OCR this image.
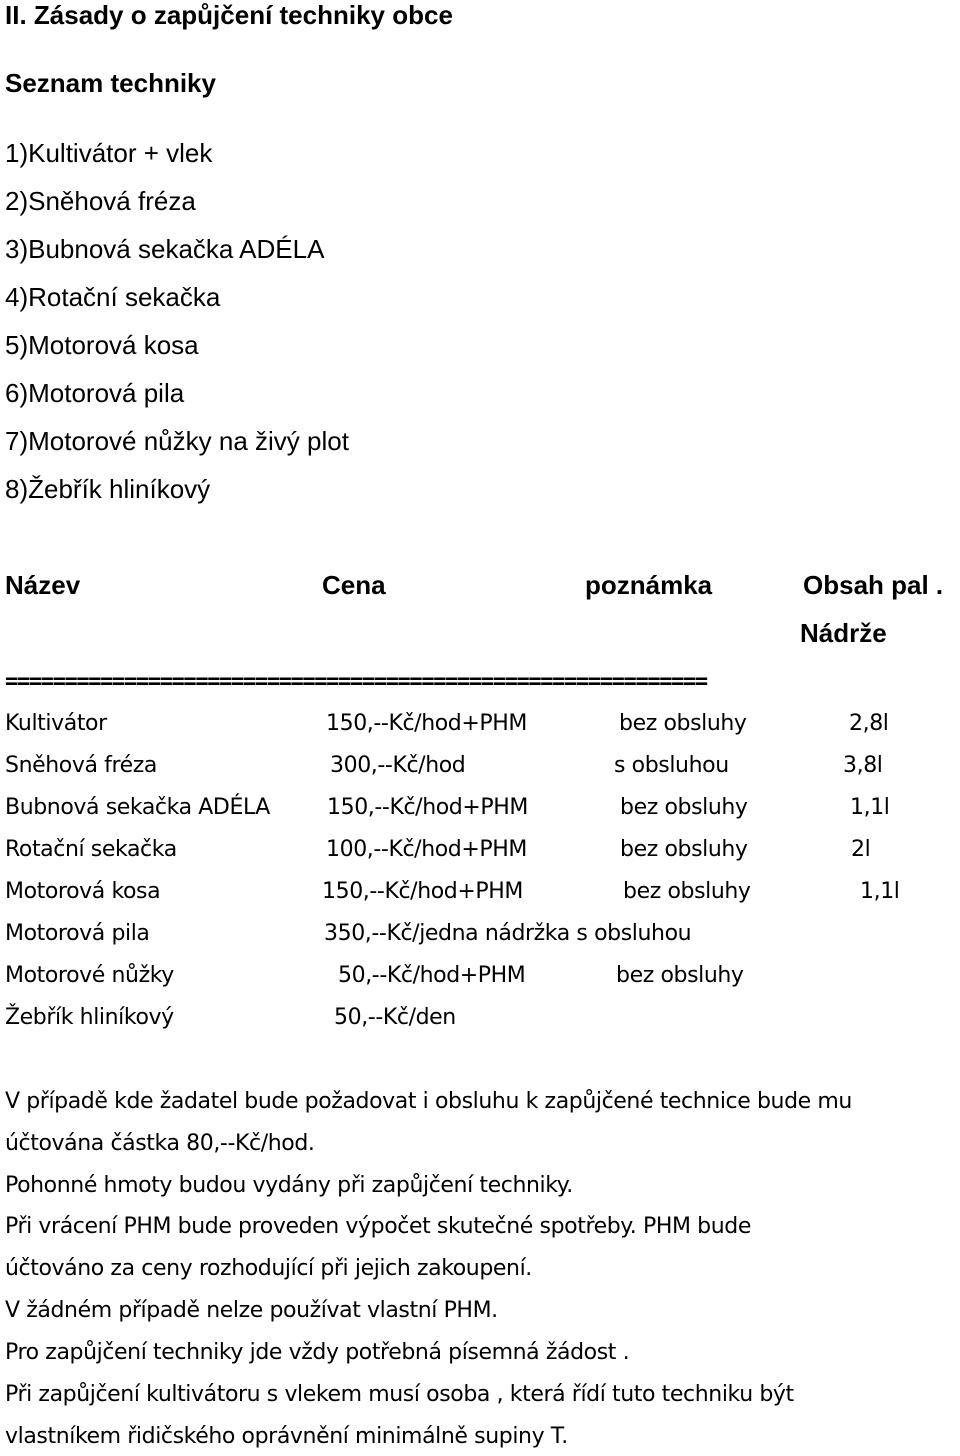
II. Zásady o zapůjčení techniky obce
Seznam techniky
1)Kultivátor + vlek
2)Sněhová fréza
3)Bubnová sekačka ADÉLA
4)Rotační sekačka
5)Motorová kosa
6)Motorová pila
7)Motorové nůžky na živý plot
8)Žebřík hliníkový
Název	Cena	poznámka	Obsah pal .
Nádrže
===========================================================
Kultivátor	150,--Kč/hod+PHM	bez obsluhy	2,8l
Sněhová fréza	300,--Kč/hod	s obsluhou	3,8l
Bubnová sekačka ADÉLA	150,--Kč/hod+PHM	bez obsluhy	1,1l
Rotační sekačka	100,--Kč/hod+PHM	bez obsluhy	2l
Motorová kosa	150,--Kč/hod+PHM	bez obsluhy	1,1l
Motorová pila	350,--Kč/jedna nádržka s obsluhou
Motorové nůžky	50,--Kč/hod+PHM	bez obsluhy
Žebřík hliníkový	50,--Kč/den
V případě kde žadatel bude požadovat i obsluhu k zapůjčené technice bude mu
účtována částka 80,--Kč/hod.
Pohonné hmoty budou vydány při zapůjčení techniky.
Při vrácení PHM bude proveden výpočet skutečné spotřeby. PHM bude
účtováno za ceny rozhodující při jejich zakoupení.
V žádném případě nelze používat vlastní PHM.
Pro zapůjčení techniky jde vždy potřebná písemná žádost .
Při zapůjčení kultivátoru s vlekem musí osoba , která řídí tuto techniku být
vlastníkem řidičského oprávnění minimálně supiny T.
